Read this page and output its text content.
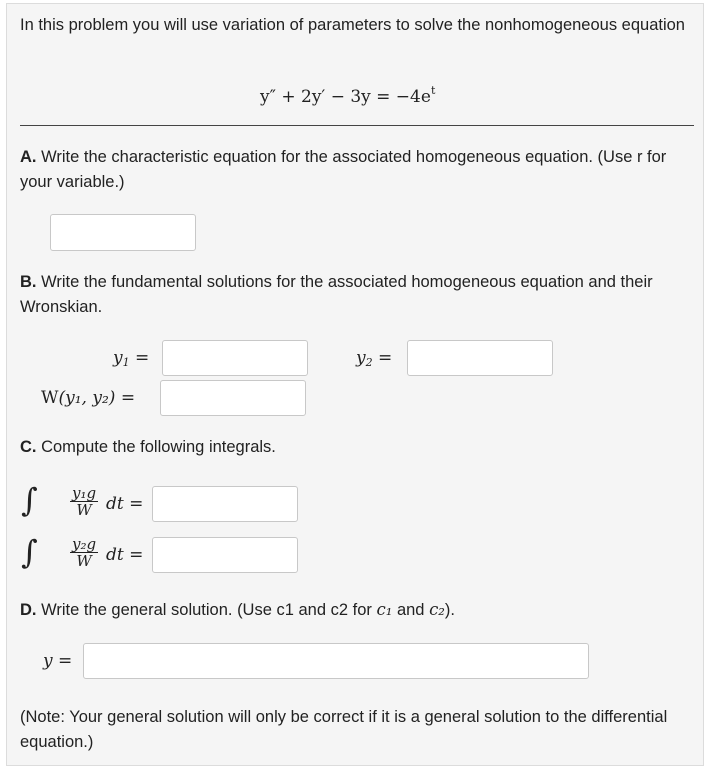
In this problem you will use variation of parameters to solve the nonhomogeneous equation
$y'' + 2y' - 3y = -4e^t$
A. Write the characteristic equation for the associated homogeneous equation. (Use r for your variable.)
B. Write the fundamental solutions for the associated homogeneous equation and their Wronskian.
$y_1$ =	$y_2$ =
W(y₁, y₂) =
C. Compute the following integrals.
∫ $\frac{\text{y₁g}}{W}$ dt =
∫ $\frac{\text{y₂g}}{W}$ dt =
D. Write the general solution. (Use c1 and c2 for c₁ and c₂).
y =
(Note: Your general solution will only be correct if it is a general solution to the differential equation.)
